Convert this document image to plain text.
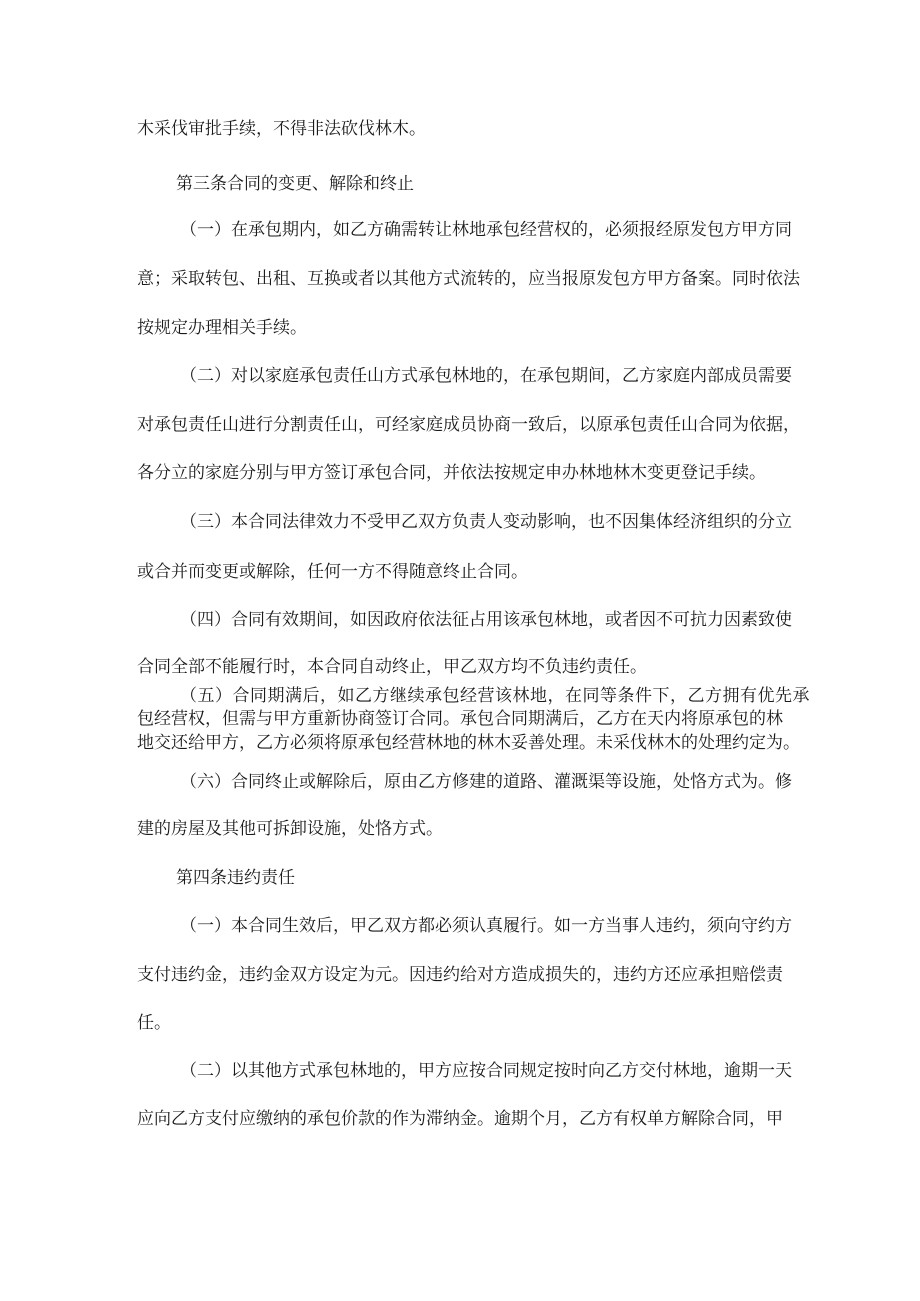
木采伐审批手续，不得非法砍伐林木。
第三条合同的变更、解除和终止
（一）在承包期内，如乙方确需转让林地承包经营权的，必须报经原发包方甲方同
意；采取转包、出租、互换或者以其他方式流转的，应当报原发包方甲方备案。同时依法
按规定办理相关手续。
（二）对以家庭承包责任山方式承包林地的，在承包期间，乙方家庭内部成员需要
对承包责任山进行分割责任山，可经家庭成员协商一致后，以原承包责任山合同为依据，
各分立的家庭分别与甲方签订承包合同，并依法按规定申办林地林木变更登记手续。
（三）本合同法律效力不受甲乙双方负责人变动影响，也不因集体经济组织的分立
或合并而变更或解除，任何一方不得随意终止合同。
（四）合同有效期间，如因政府依法征占用该承包林地，或者因不可抗力因素致使
合同全部不能履行时，本合同自动终止，甲乙双方均不负违约责任。
（五）合同期满后，如乙方继续承包经营该林地，在同等条件下，乙方拥有优先承
包经营权，但需与甲方重新协商签订合同。承包合同期满后，乙方在天内将原承包的林
地交还给甲方，乙方必须将原承包经营林地的林木妥善处理。未采伐林木的处理约定为。
（六）合同终止或解除后，原由乙方修建的道路、灌溉渠等设施，处恪方式为。修
建的房屋及其他可拆卸设施，处恪方式。
第四条违约责任
（一）本合同生效后，甲乙双方都必须认真履行。如一方当事人违约，须向守约方
支付违约金，违约金双方设定为元。因违约给对方造成损失的，违约方还应承担赔偿责
任。
（二）以其他方式承包林地的，甲方应按合同规定按时向乙方交付林地，逾期一天
应向乙方支付应缴纳的承包价款的作为滞纳金。逾期个月，乙方有权单方解除合同，甲
